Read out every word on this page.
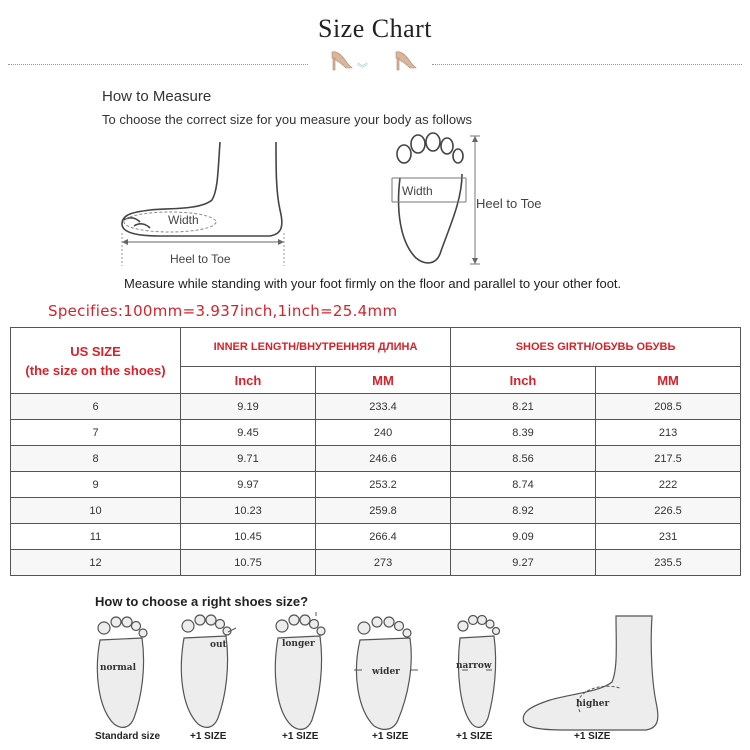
Size Chart
︾
How to Measure
To choose the correct size for you measure your body as follows
Width
Heel to Toe
Width
Heel to Toe
Measure while standing with your foot firmly on the floor and parallel to your other foot.
Specifies:100mm=3.937inch,1inch=25.4mm
US SIZE
(the size on the shoes)	INNER LENGTH/ВНУТРЕННЯЯ ДЛИНА		SHOES GIRTH/ОБУВЬ ОБУВЬ	
	Inch	MM	Inch	MM
6	9.19	233.4	8.21	208.5
7	9.45	240	8.39	213
8	9.71	246.6	8.56	217.5
9	9.97	253.2	8.74	222
10	10.23	259.8	8.92	226.5
11	10.45	266.4	9.09	231
12	10.75	273	9.27	235.5
How to choose a right shoes size?
normal
out	longer
wider
narrow
higher
Standard size	+1 SIZE	+1 SIZE	+1 SIZE	+1 SIZE	+1 SIZE
